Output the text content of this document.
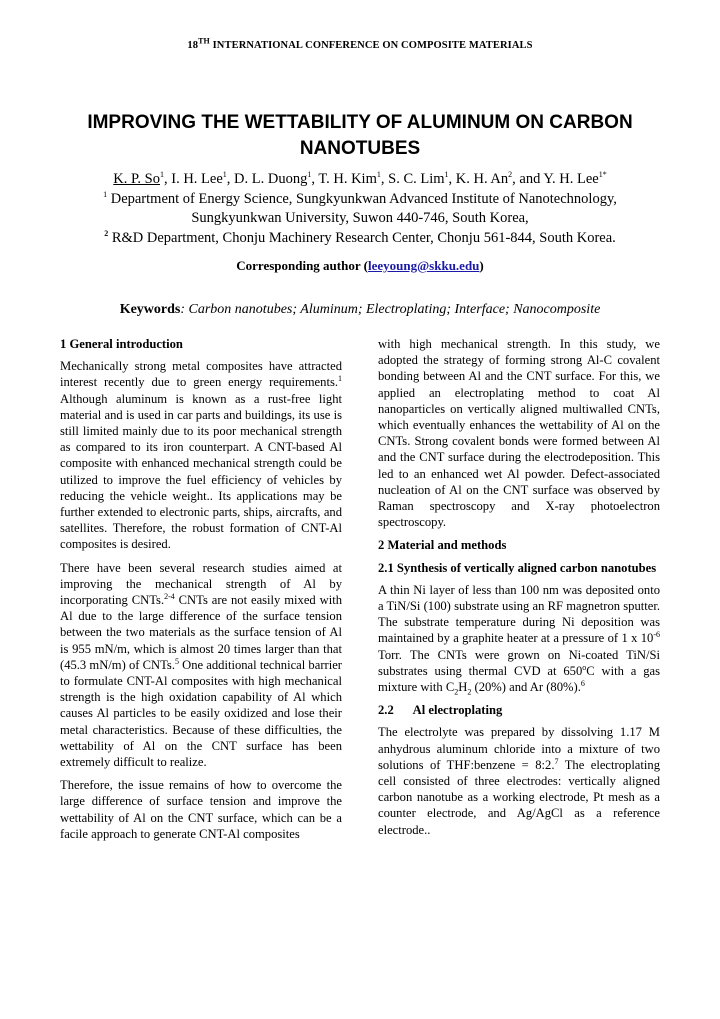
18TH INTERNATIONAL CONFERENCE ON COMPOSITE MATERIALS
IMPROVING THE WETTABILITY OF ALUMINUM ON CARBON
NANOTUBES

K. P. So$^1$, I. H. Lee$^1$, D. L. Duong$^1$, T. H. Kim$^1$, S. C. Lim$^1$, K. H. An$^2$, and Y. H. Lee$^{1*}$

$^1$ Department of Energy Science, Sungkyunkwan Advanced Institute of Nanotechnology,

Sungkyunkwan University, Suwon 440-746, South Korea,

$^2$ R&D Department, Chonju Machinery Research Center, Chonju 561-844, South Korea.

Corresponding author (leeyoung@skku.edu)
Keywords: Carbon nanotubes; Aluminum; Electroplating; Interface; Nanocomposite
1 General introduction

Mechanically strong metal composites have attracted interest recently due to green energy requirements.$^1$ Although aluminum is known as a rust-free light material and is used in car parts and buildings, its use is still limited mainly due to its poor mechanical strength as compared to its iron counterpart. A CNT-based Al composite with enhanced mechanical strength could be utilized to improve the fuel efficiency of vehicles by reducing the vehicle weight.. Its applications may be further extended to electronic parts, ships, aircrafts, and satellites. Therefore, the robust formation of CNT-Al composites is desired.

There have been several research studies aimed at improving the mechanical strength of Al by incorporating CNTs.$^{2-4}$ CNTs are not easily mixed with Al due to the large difference of the surface tension between the two materials as the surface tension of Al is 955 mN/m, which is almost 20 times larger than that (45.3 mN/m) of CNTs.$^5$ One additional technical barrier to formulate CNT-Al composites with high mechanical strength is the high oxidation capability of Al which causes Al particles to be easily oxidized and lose their metal characteristics. Because of these difficulties, the wettability of Al on the CNT surface has been extremely difficult to realize.

Therefore, the issue remains of how to overcome the large difference of surface tension and improve the wettability of Al on the CNT surface, which can be a facile approach to generate CNT-Al composites

with high mechanical strength. In this study, we adopted the strategy of forming strong Al-C covalent bonding between Al and the CNT surface. For this, we applied an electroplating method to coat Al nanoparticles on vertically aligned multiwalled CNTs, which eventually enhances the wettability of Al on the CNTs. Strong covalent bonds were formed between Al and the CNT surface during the electrodeposition. This led to an enhanced wet Al powder. Defect-associated nucleation of Al on the CNT surface was observed by Raman spectroscopy and X-ray photoelectron spectroscopy.

2 Material and methods
2.1 Synthesis of vertically aligned carbon nanotubes

A thin Ni layer of less than 100 nm was deposited onto a TiN/Si (100) substrate using an RF magnetron sputter. The substrate temperature during Ni deposition was maintained by a graphite heater at a pressure of 1 x $10^{-6}$ Torr. The CNTs were grown on Ni-coated TiN/Si substrates using thermal CVD at 650$^o$C with a gas mixture with $C_2H_2$ (20%) and Ar (80%).$^6$

2.2 Al electroplating

The electrolyte was prepared by dissolving 1.17 M anhydrous aluminum chloride into a mixture of two solutions of THF:benzene = 8:2.$^7$ The electroplating cell consisted of three electrodes: vertically aligned carbon nanotube as a working electrode, Pt mesh as a counter electrode, and Ag/AgCl as a reference electrode..
